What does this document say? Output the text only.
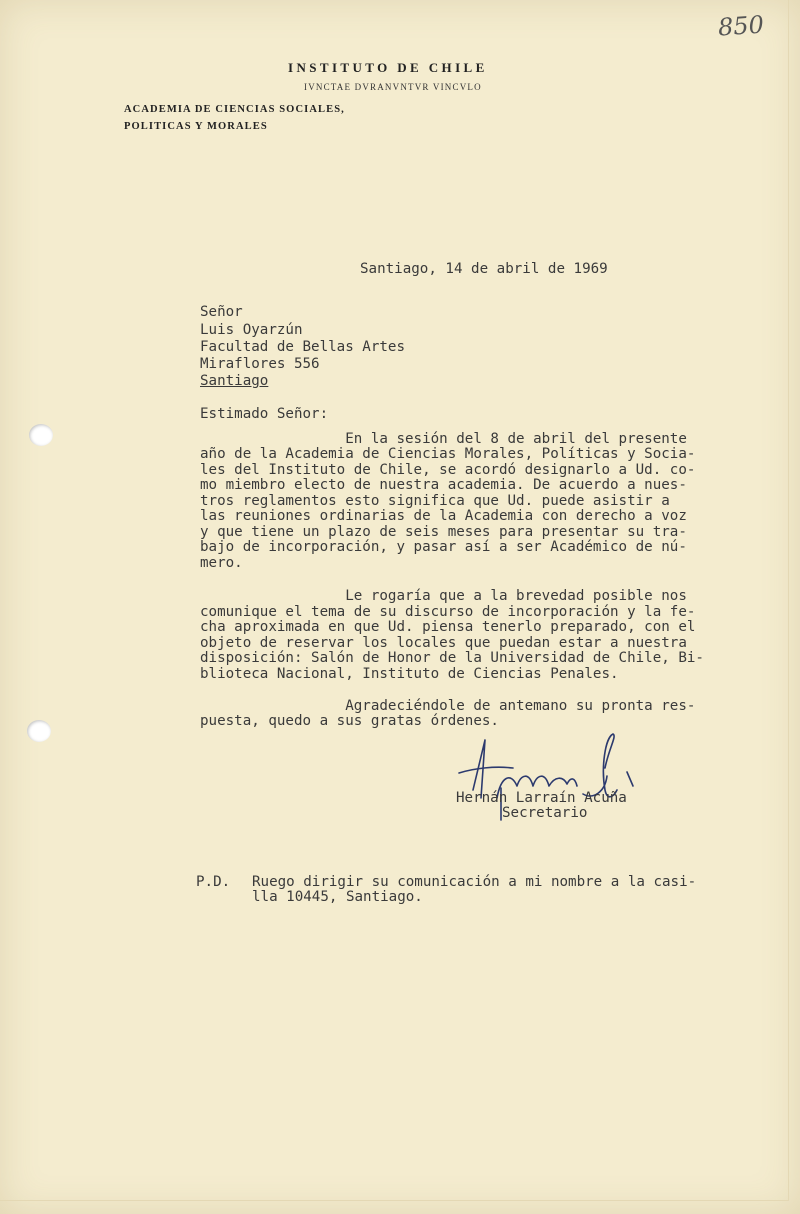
850
INSTITUTO DE CHILE
IVNCTAE DVRANVNTVR VINCVLO
ACADEMIA DE CIENCIAS SOCIALES,
POLITICAS Y MORALES
Santiago, 14 de abril de 1969
Señor
Luis Oyarzún
Facultad de Bellas Artes
Miraflores 556
Santiago
Estimado Señor:
En la sesión del 8 de abril del presente
año de la Academia de Ciencias Morales, Políticas y Socia-
les del Instituto de Chile, se acordó designarlo a Ud. co-
mo miembro electo de nuestra academia. De acuerdo a nues-
tros reglamentos esto significa que Ud. puede asistir a
las reuniones ordinarias de la Academia con derecho a voz
y que tiene un plazo de seis meses para presentar su tra-
bajo de incorporación, y pasar así a ser Académico de nú-
mero.
Le rogaría que a la brevedad posible nos
comunique el tema de su discurso de incorporación y la fe-
cha aproximada en que Ud. piensa tenerlo preparado, con el
objeto de reservar los locales que puedan estar a nuestra
disposición: Salón de Honor de la Universidad de Chile, Bi-
blioteca Nacional, Instituto de Ciencias Penales.
Agradeciéndole de antemano su pronta res-
puesta, quedo a sus gratas órdenes.
Hernán Larraín Acuña
Secretario
P.D. Ruego dirigir su comunicación a mi nombre a la casi-
lla 10445, Santiago.
